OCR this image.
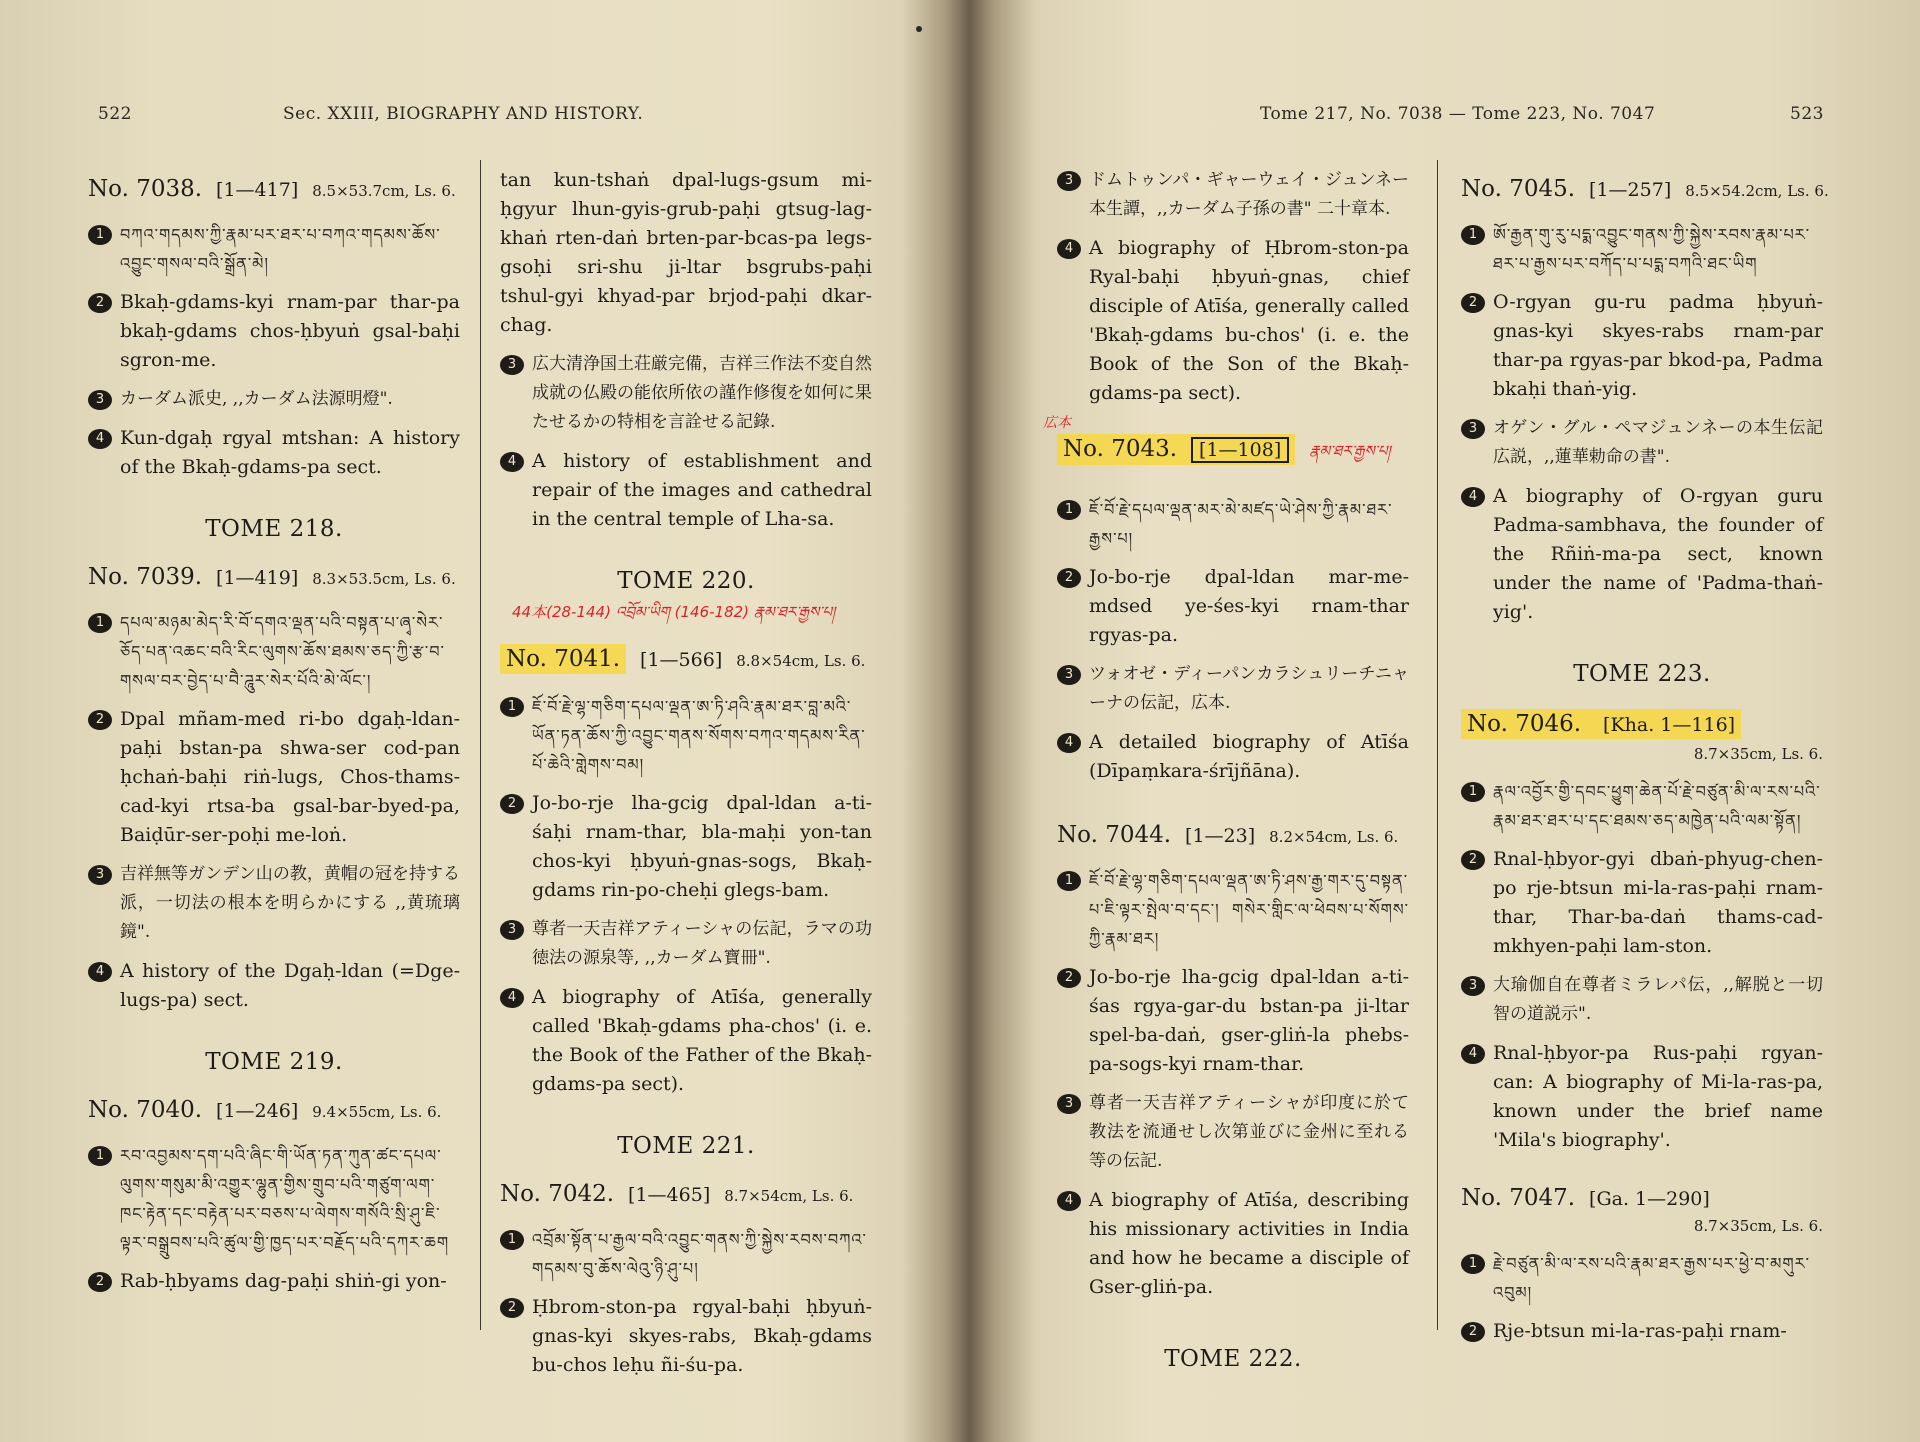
522	Sec. XXIII, BIOGRAPHY AND HISTORY.
No. 7038. [1—417] 8.5×53.7cm, Ls. 6.
1 བཀའ་གདམས་ཀྱི་རྣམ་པར་ཐར་པ་བཀའ་གདམས་ཆོས་འབྱུང་གསལ་བའི་སྒྲོན་མེ།
2 Bkaḥ-gdams-kyi rnam-par thar-pa bkaḥ-gdams chos-ḥbyuṅ gsal-baḥi sgron-me.
3 カーダム派史, ,,カーダム法源明燈".
4 Kun-dgaḥ rgyal mtshan: A history of the Bkaḥ-gdams-pa sect.
TOME 218.
No. 7039. [1—419] 8.3×53.5cm, Ls. 6.
1 དཔལ་མཉམ་མེད་རི་བོ་དགའ་ལྡན་པའི་བསྟན་པ་ཞྭ་སེར་ཅོད་པན་འཆང་བའི་རིང་ལུགས་ཆོས་ཐམས་ཅད་ཀྱི་རྩ་བ་གསལ་བར་བྱེད་པ་བཻ་ཌཱུར་སེར་པོའི་མེ་ལོང་།
2 Dpal mñam-med ri-bo dgaḥ-ldan-paḥi bstan-pa shwa-ser cod-pan ḥchaṅ-baḥi riṅ-lugs, Chos-thams-cad-kyi rtsa-ba gsal-bar-byed-pa, Baiḍūr-ser-poḥi me-loṅ.
3 吉祥無等ガンデン山の教，黄帽の冠を持する派，一切法の根本を明らかにする ,,黄琉璃鏡".
4 A history of the Dgaḥ-ldan (=Dge-lugs-pa) sect.
TOME 219.
No. 7040. [1—246] 9.4×55cm, Ls. 6.
1 རབ་འབྱམས་དག་པའི་ཞིང་གི་ཡོན་ཏན་ཀུན་ཚང་དཔལ་ལུགས་གསུམ་མི་འགྱུར་ལྷུན་གྱིས་གྲུབ་པའི་གཙུག་ལག་ཁང་རྟེན་དང་བརྟེན་པར་བཅས་པ་ལེགས་གསོའི་སྲི་ཤུ་ཇི་ལྟར་བསྒྲུབས་པའི་ཚུལ་གྱི་ཁྱད་པར་བརྗོད་པའི་དཀར་ཆག
2 Rab-ḥbyams dag-paḥi shiṅ-gi yon-
tan kun-tshaṅ dpal-lugs-gsum mi-ḥgyur lhun-gyis-grub-paḥi gtsug-lag-khaṅ rten-daṅ brten-par-bcas-pa legs-gsoḥi sri-shu ji-ltar bsgrubs-paḥi tshul-gyi khyad-par brjod-paḥi dkar-chag.
3 広大清浄国土荘厳完備，吉祥三作法不変自然成就の仏殿の能依所依の謹作修復を如何に果たせるかの特相を言詮せる記錄.
4 A history of establishment and repair of the images and cathedral in the central temple of Lha-sa.
TOME 220.
44本(28-144) འབྲོམ་ཡིག (146-182) རྣམ་ཐར་རྒྱས་པ།
No. 7041.	[1—566] 8.8×54cm, Ls. 6.
1 ཇོ་བོ་རྗེ་ལྷ་གཅིག་དཔལ་ལྡན་ཨ་ཏི་ཤའི་རྣམ་ཐར་བླ་མའི་ཡོན་ཏན་ཆོས་ཀྱི་འབྱུང་གནས་སོགས་བཀའ་གདམས་རིན་པོ་ཆེའི་གླེགས་བམ།
2 Jo-bo-rje lha-gcig dpal-ldan a-ti-śaḥi rnam-thar, bla-maḥi yon-tan chos-kyi ḥbyuṅ-gnas-sogs, Bkaḥ-gdams rin-po-cheḥi glegs-bam.
3 尊者一天吉祥アティーシャの伝記，ラマの功徳法の源泉等, ,,カーダム寶冊".
4 A biography of Atīśa, generally called 'Bkaḥ-gdams pha-chos' (i. e. the Book of the Father of the Bkaḥ-gdams-pa sect).
TOME 221.
No. 7042. [1—465] 8.7×54cm, Ls. 6.
1 འབྲོམ་སྟོན་པ་རྒྱལ་བའི་འབྱུང་གནས་ཀྱི་སྐྱེས་རབས་བཀའ་གདམས་བུ་ཆོས་ལེའུ་ཉི་ཤུ་པ།
2 Ḥbrom-ston-pa rgyal-baḥi ḥbyuṅ-gnas-kyi skyes-rabs, Bkaḥ-gdams bu-chos leḥu ñi-śu-pa.
Tome 217, No. 7038 — Tome 223, No. 7047	523
3 ドムトゥンパ・ギャーウェイ・ジュンネー本生譚，,,カーダム子孫の書" 二十章本.
4 A biography of Ḥbrom-ston-pa Ryal-baḥi ḥbyuṅ-gnas, chief disciple of Atīśa, generally called 'Bkaḥ-gdams bu-chos' (i. e. the Book of the Son of the Bkaḥ-gdams-pa sect).
広本
No. 7043.	[1—108]	རྣམ་ཐར་རྒྱས་པ།
1 ཇོ་བོ་རྗེ་དཔལ་ལྡན་མར་མེ་མཛད་ཡེ་ཤེས་ཀྱི་རྣམ་ཐར་རྒྱས་པ།
2 Jo-bo-rje dpal-ldan mar-me-mdsed ye-śes-kyi rnam-thar rgyas-pa.
3 ツォオゼ・ディーパンカラシュリーチニャーナの伝記，広本.
4 A detailed biography of Atīśa (Dīpaṃkara-śrījñāna).
No. 7044. [1—23] 8.2×54cm, Ls. 6.
1 ཇོ་བོ་རྗེ་ལྷ་གཅིག་དཔལ་ལྡན་ཨ་ཏི་ཤས་རྒྱ་གར་དུ་བསྟན་པ་ཇི་ལྟར་སྤེལ་བ་དང་། གསེར་གླིང་ལ་ཕེབས་པ་སོགས་ཀྱི་རྣམ་ཐར།
2 Jo-bo-rje lha-gcig dpal-ldan a-ti-śas rgya-gar-du bstan-pa ji-ltar spel-ba-daṅ, gser-gliṅ-la phebs-pa-sogs-kyi rnam-thar.
3 尊者一天吉祥アティーシャが印度に於て教法を流通せし次第並びに金州に至れる等の伝記.
4 A biography of Atīśa, describing his missionary activities in India and how he became a disciple of Gser-gliṅ-pa.
TOME 222.
No. 7045. [1—257] 8.5×54.2cm, Ls. 6.
1 ཨོ་རྒྱན་གུ་རུ་པདྨ་འབྱུང་གནས་ཀྱི་སྐྱེས་རབས་རྣམ་པར་ཐར་པ་རྒྱས་པར་བཀོད་པ་པདྨ་བཀའི་ཐང་ཡིག
2 O-rgyan gu-ru padma ḥbyuṅ-gnas-kyi skyes-rabs rnam-par thar-pa rgyas-par bkod-pa, Padma bkaḥi thaṅ-yig.
3 オゲン・グル・ペマジュンネーの本生伝記広説，,,蓮華勅命の書".
4 A biography of O-rgyan guru Padma-sambhava, the founder of the Rñiṅ-ma-pa sect, known under the name of 'Padma-thaṅ-yig'.
TOME 223.
No. 7046. [Kha. 1—116]
8.7×35cm, Ls. 6.
1 རྣལ་འབྱོར་གྱི་དབང་ཕྱུག་ཆེན་པོ་རྗེ་བཙུན་མི་ལ་རས་པའི་རྣམ་ཐར་ཐར་པ་དང་ཐམས་ཅད་མཁྱེན་པའི་ལམ་སྟོན།
2 Rnal-ḥbyor-gyi dbaṅ-phyug-chen-po rje-btsun mi-la-ras-paḥi rnam-thar, Thar-ba-daṅ thams-cad-mkhyen-paḥi lam-ston.
3 大瑜伽自在尊者ミラレパ伝，,,解脱と一切智の道説示".
4 Rnal-ḥbyor-pa Rus-paḥi rgyan-can: A biography of Mi-la-ras-pa, known under the brief name 'Mila's biography'.
No. 7047. [Ga. 1—290]
8.7×35cm, Ls. 6.
1 རྗེ་བཙུན་མི་ལ་རས་པའི་རྣམ་ཐར་རྒྱས་པར་ཕྱེ་བ་མགུར་འབུམ།
2 Rje-btsun mi-la-ras-paḥi rnam-
